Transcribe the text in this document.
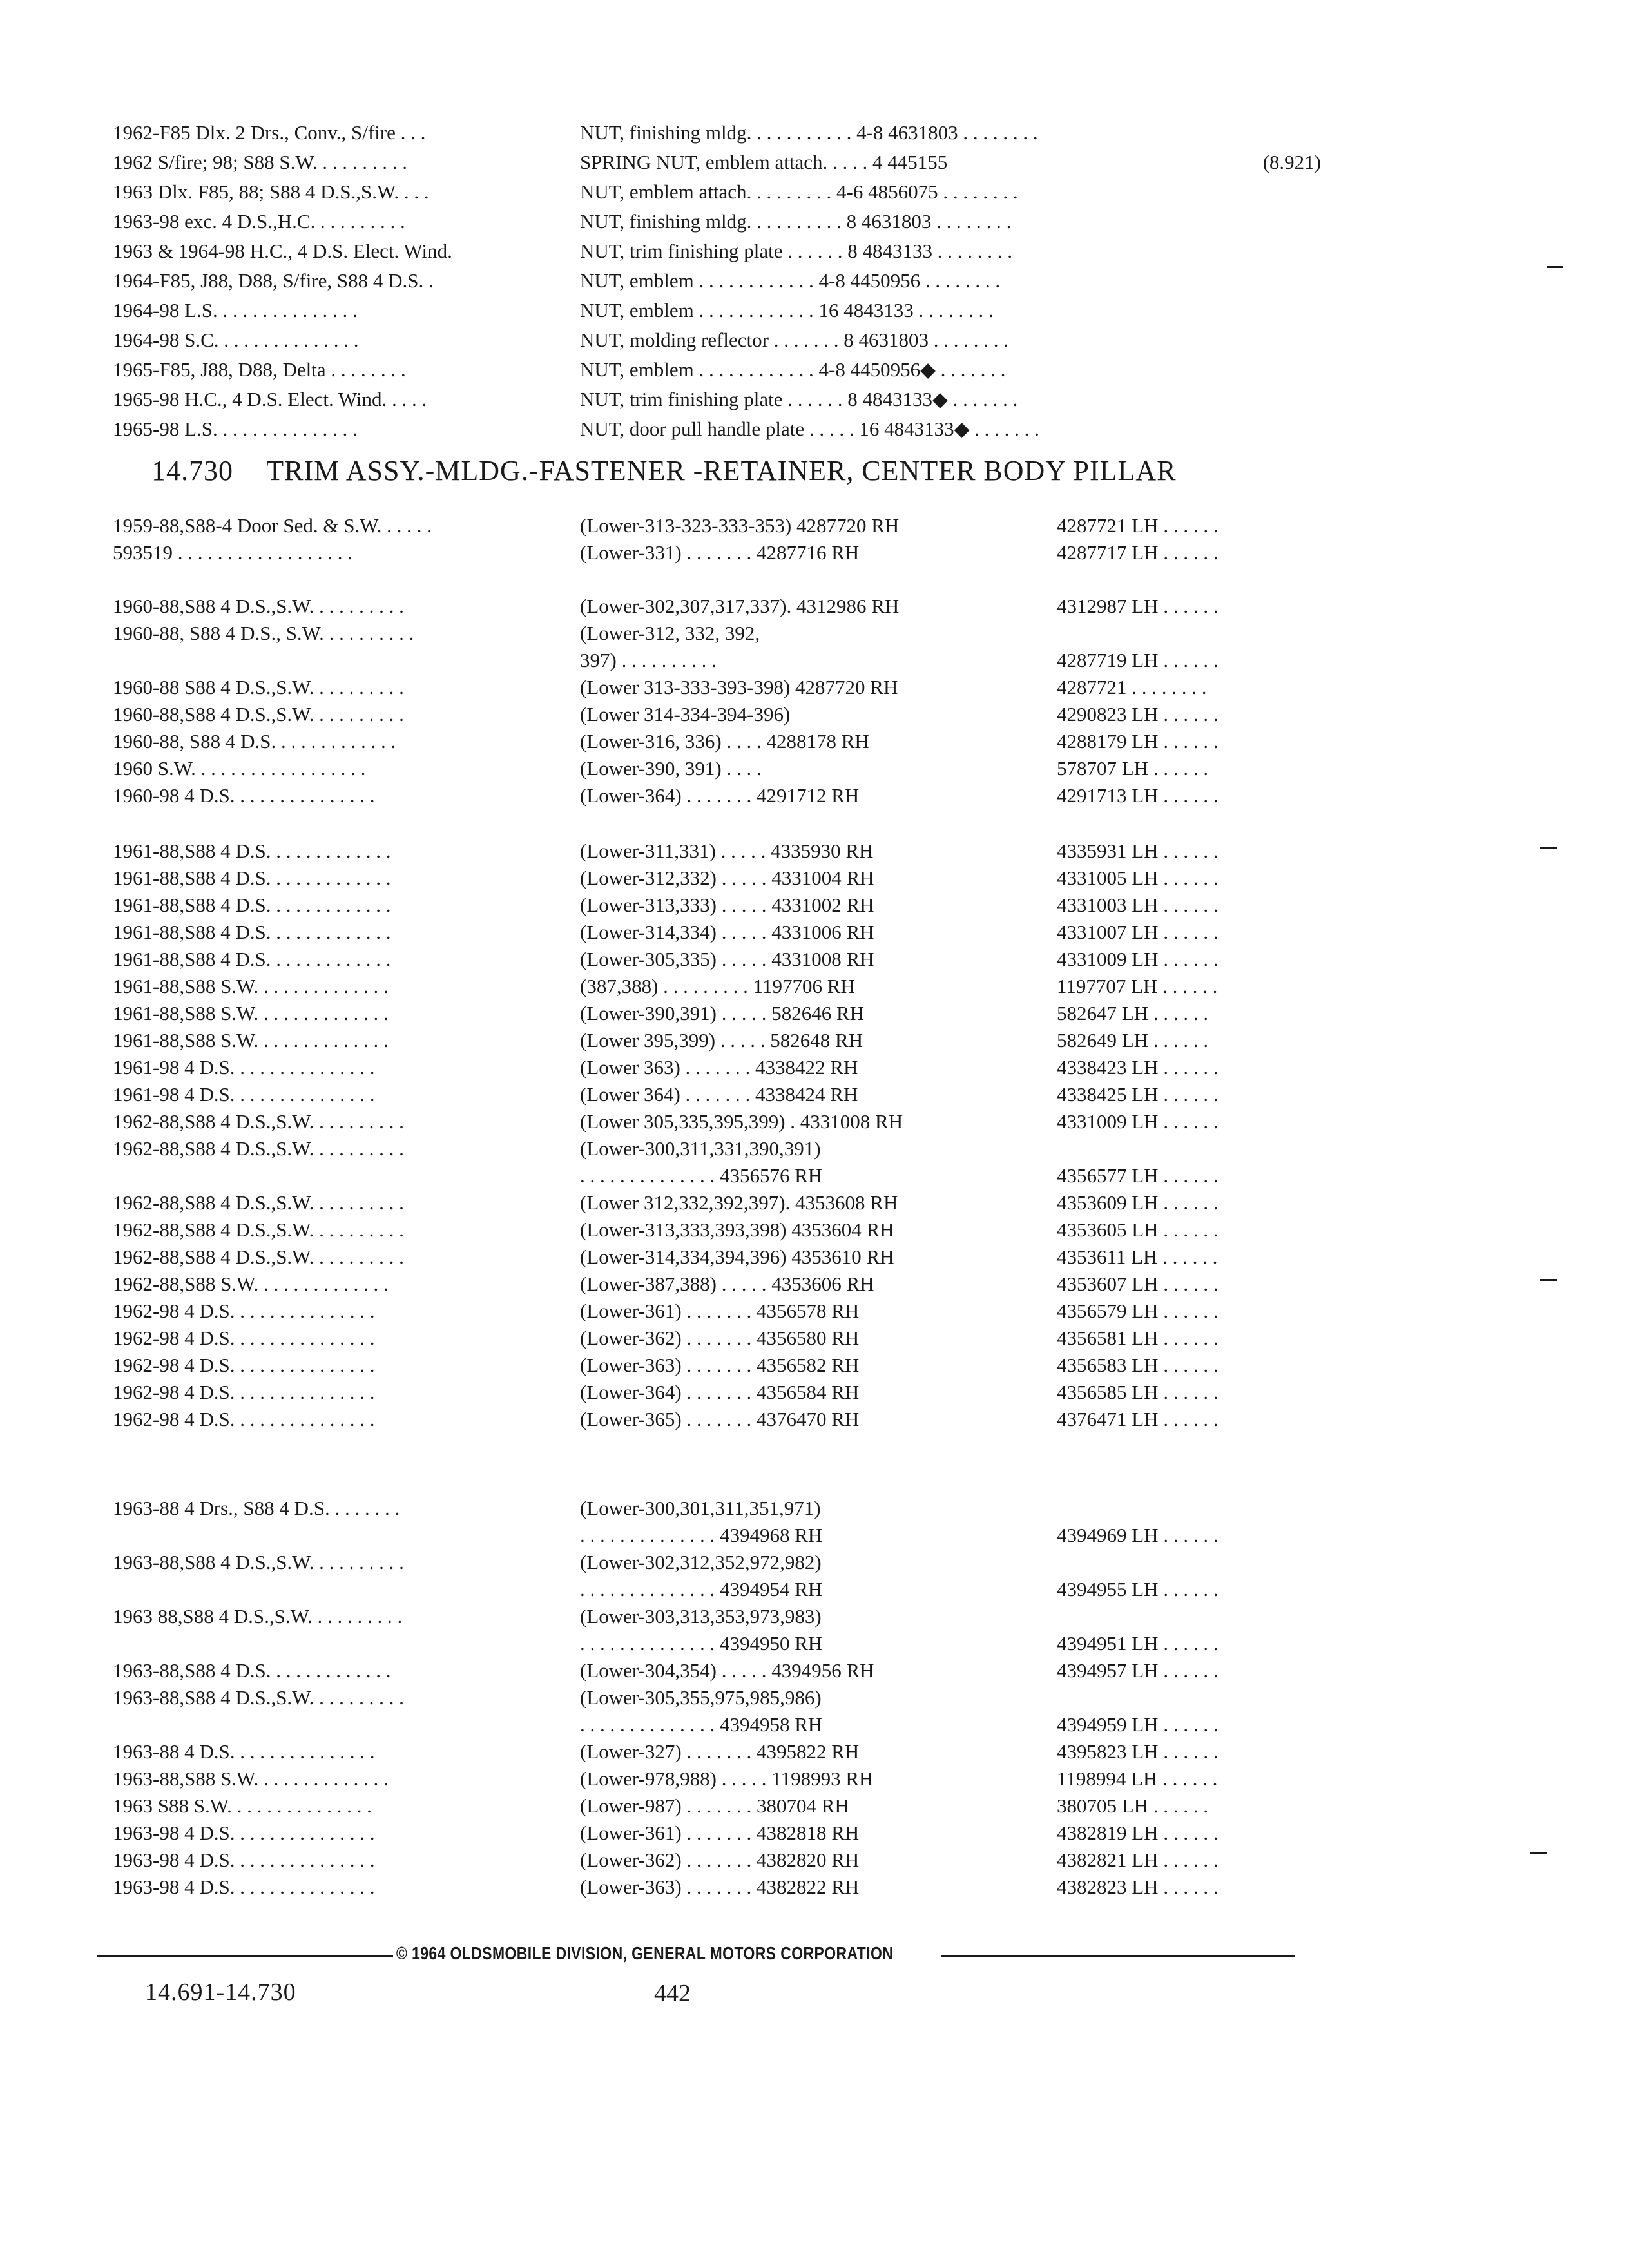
1962-F85 Dlx. 2 Drs., Conv., S/fire . . .	NUT, finishing mldg. . . . . . . . . . . 4-8 4631803 . . . . . . . .
1962 S/fire; 98; S88 S.W. . . . . . . . . .	SPRING NUT, emblem attach. . . . . 4 445155	(8.921)
1963 Dlx. F85, 88; S88 4 D.S.,S.W. . . .	NUT, emblem attach. . . . . . . . . 4-6 4856075 . . . . . . . .
1963-98 exc. 4 D.S.,H.C. . . . . . . . . .	NUT, finishing mldg. . . . . . . . . . 8 4631803 . . . . . . . .
1963 & 1964-98 H.C., 4 D.S. Elect. Wind.	NUT, trim finishing plate . . . . . . 8 4843133 . . . . . . . .
1964-F85, J88, D88, S/fire, S88 4 D.S. .	NUT, emblem . . . . . . . . . . . . 4-8 4450956 . . . . . . . .
1964-98 L.S. . . . . . . . . . . . . . .	NUT, emblem . . . . . . . . . . . . 16 4843133 . . . . . . . .
1964-98 S.C. . . . . . . . . . . . . . .	NUT, molding reflector . . . . . . . 8 4631803 . . . . . . . .
1965-F85, J88, D88, Delta . . . . . . . .	NUT, emblem . . . . . . . . . . . . 4-8 4450956◆ . . . . . . .
1965-98 H.C., 4 D.S. Elect. Wind. . . . .	NUT, trim finishing plate . . . . . . 8 4843133◆ . . . . . . .
1965-98 L.S. . . . . . . . . . . . . . .	NUT, door pull handle plate . . . . . 16 4843133◆ . . . . . . .
14.730 TRIM ASSY.-MLDG.-FASTENER -RETAINER, CENTER BODY PILLAR
1959-88,S88-4 Door Sed. & S.W. . . . . .	(Lower-313-323-333-353) 4287720 RH	4287721 LH . . . . . .
593519 . . . . . . . . . . . . . . . . . .	(Lower-331) . . . . . . . 4287716 RH	4287717 LH . . . . . .
1960-88,S88 4 D.S.,S.W. . . . . . . . . .	(Lower-302,307,317,337). 4312986 RH	4312987 LH . . . . . .
1960-88, S88 4 D.S., S.W. . . . . . . . . .	(Lower-312, 332, 392,
397) . . . . . . . . . .	4287719 LH . . . . . .
1960-88 S88 4 D.S.,S.W. . . . . . . . . .	(Lower 313-333-393-398) 4287720 RH	4287721 . . . . . . . .
1960-88,S88 4 D.S.,S.W. . . . . . . . . .	(Lower 314-334-394-396)	4290823 LH . . . . . .
1960-88, S88 4 D.S. . . . . . . . . . . . .	(Lower-316, 336) . . . . 4288178 RH	4288179 LH . . . . . .
1960 S.W. . . . . . . . . . . . . . . . . .	(Lower-390, 391) . . . .	578707 LH . . . . . .
1960-98 4 D.S. . . . . . . . . . . . . . .	(Lower-364) . . . . . . . 4291712 RH	4291713 LH . . . . . .
1961-88,S88 4 D.S. . . . . . . . . . . . .	(Lower-311,331) . . . . . 4335930 RH	4335931 LH . . . . . .
1961-88,S88 4 D.S. . . . . . . . . . . . .	(Lower-312,332) . . . . . 4331004 RH	4331005 LH . . . . . .
1961-88,S88 4 D.S. . . . . . . . . . . . .	(Lower-313,333) . . . . . 4331002 RH	4331003 LH . . . . . .
1961-88,S88 4 D.S. . . . . . . . . . . . .	(Lower-314,334) . . . . . 4331006 RH	4331007 LH . . . . . .
1961-88,S88 4 D.S. . . . . . . . . . . . .	(Lower-305,335) . . . . . 4331008 RH	4331009 LH . . . . . .
1961-88,S88 S.W. . . . . . . . . . . . . .	(387,388) . . . . . . . . . 1197706 RH	1197707 LH . . . . . .
1961-88,S88 S.W. . . . . . . . . . . . . .	(Lower-390,391) . . . . . 582646 RH	582647 LH . . . . . .
1961-88,S88 S.W. . . . . . . . . . . . . .	(Lower 395,399) . . . . . 582648 RH	582649 LH . . . . . .
1961-98 4 D.S. . . . . . . . . . . . . . .	(Lower 363) . . . . . . . 4338422 RH	4338423 LH . . . . . .
1961-98 4 D.S. . . . . . . . . . . . . . .	(Lower 364) . . . . . . . 4338424 RH	4338425 LH . . . . . .
1962-88,S88 4 D.S.,S.W. . . . . . . . . .	(Lower 305,335,395,399) . 4331008 RH	4331009 LH . . . . . .
1962-88,S88 4 D.S.,S.W. . . . . . . . . .	(Lower-300,311,331,390,391)
. . . . . . . . . . . . . . 4356576 RH	4356577 LH . . . . . .
1962-88,S88 4 D.S.,S.W. . . . . . . . . .	(Lower 312,332,392,397). 4353608 RH	4353609 LH . . . . . .
1962-88,S88 4 D.S.,S.W. . . . . . . . . .	(Lower-313,333,393,398) 4353604 RH	4353605 LH . . . . . .
1962-88,S88 4 D.S.,S.W. . . . . . . . . .	(Lower-314,334,394,396) 4353610 RH	4353611 LH . . . . . .
1962-88,S88 S.W. . . . . . . . . . . . . .	(Lower-387,388) . . . . . 4353606 RH	4353607 LH . . . . . .
1962-98 4 D.S. . . . . . . . . . . . . . .	(Lower-361) . . . . . . . 4356578 RH	4356579 LH . . . . . .
1962-98 4 D.S. . . . . . . . . . . . . . .	(Lower-362) . . . . . . . 4356580 RH	4356581 LH . . . . . .
1962-98 4 D.S. . . . . . . . . . . . . . .	(Lower-363) . . . . . . . 4356582 RH	4356583 LH . . . . . .
1962-98 4 D.S. . . . . . . . . . . . . . .	(Lower-364) . . . . . . . 4356584 RH	4356585 LH . . . . . .
1962-98 4 D.S. . . . . . . . . . . . . . .	(Lower-365) . . . . . . . 4376470 RH	4376471 LH . . . . . .
1963-88 4 Drs., S88 4 D.S. . . . . . . .	(Lower-300,301,311,351,971)
. . . . . . . . . . . . . . 4394968 RH	4394969 LH . . . . . .
1963-88,S88 4 D.S.,S.W. . . . . . . . . .	(Lower-302,312,352,972,982)
. . . . . . . . . . . . . . 4394954 RH	4394955 LH . . . . . .
1963 88,S88 4 D.S.,S.W. . . . . . . . . .	(Lower-303,313,353,973,983)
. . . . . . . . . . . . . . 4394950 RH	4394951 LH . . . . . .
1963-88,S88 4 D.S. . . . . . . . . . . . .	(Lower-304,354) . . . . . 4394956 RH	4394957 LH . . . . . .
1963-88,S88 4 D.S.,S.W. . . . . . . . . .	(Lower-305,355,975,985,986)
. . . . . . . . . . . . . . 4394958 RH	4394959 LH . . . . . .
1963-88 4 D.S. . . . . . . . . . . . . . .	(Lower-327) . . . . . . . 4395822 RH	4395823 LH . . . . . .
1963-88,S88 S.W. . . . . . . . . . . . . .	(Lower-978,988) . . . . . 1198993 RH	1198994 LH . . . . . .
1963 S88 S.W. . . . . . . . . . . . . . .	(Lower-987) . . . . . . . 380704 RH	380705 LH . . . . . .
1963-98 4 D.S. . . . . . . . . . . . . . .	(Lower-361) . . . . . . . 4382818 RH	4382819 LH . . . . . .
1963-98 4 D.S. . . . . . . . . . . . . . .	(Lower-362) . . . . . . . 4382820 RH	4382821 LH . . . . . .
1963-98 4 D.S. . . . . . . . . . . . . . .	(Lower-363) . . . . . . . 4382822 RH	4382823 LH . . . . . .
© 1964 OLDSMOBILE DIVISION, GENERAL MOTORS CORPORATION
14.691-14.730	442
